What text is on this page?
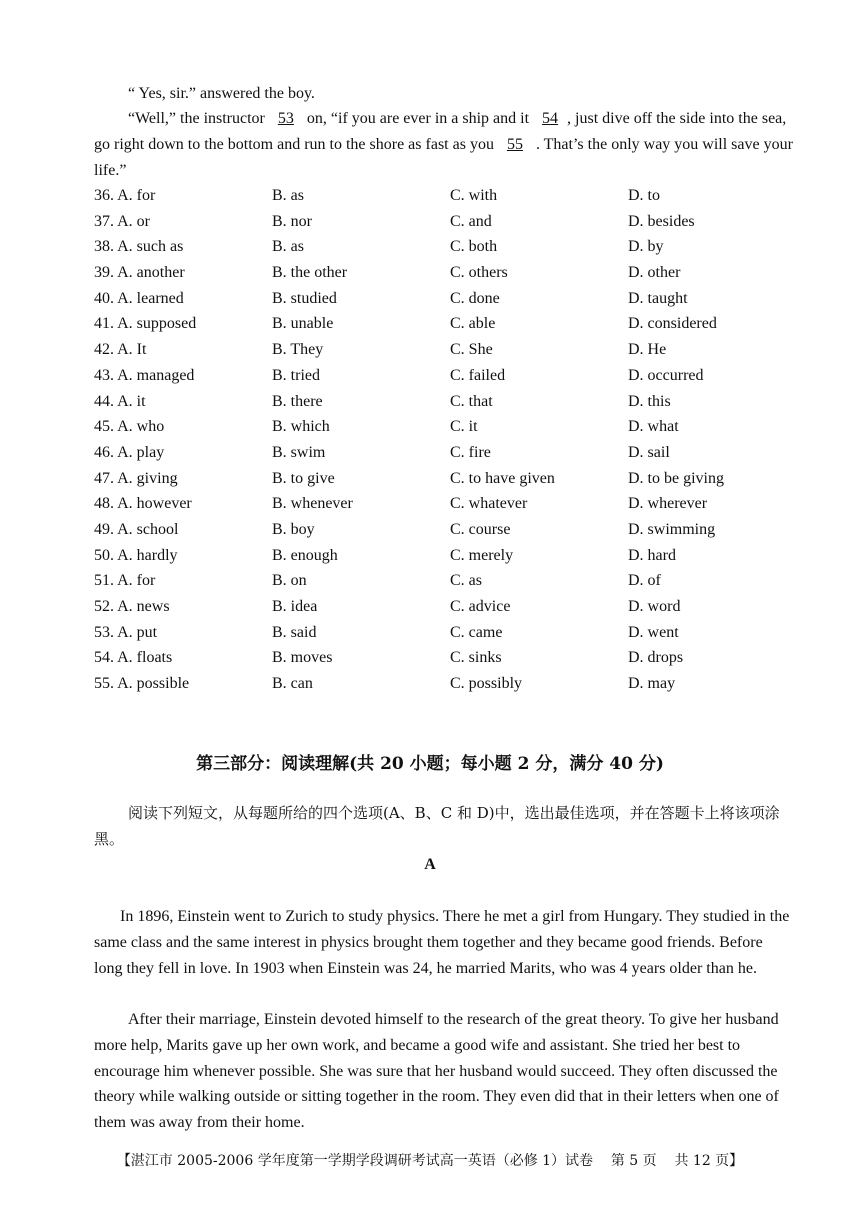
“ Yes, sir.” answered the boy.

“Well,” the instructor 53 on, “if you are ever in a ship and it 54 , just dive off the side into the sea, go right down to the bottom and run to the shore as fast as you 55 . That’s the only way you will save your life.”

36. A. for	B. as	C. with	D. to
37. A. or	B. nor	C. and	D. besides
38. A. such as	B. as	C. both	D. by
39. A. another	B. the other	C. others	D. other
40. A. learned	B. studied	C. done	D. taught
41. A. supposed	B. unable	C. able	D. considered
42. A. It	B. They	C. She	D. He
43. A. managed	B. tried	C. failed	D. occurred
44. A. it	B. there	C. that	D. this
45. A. who	B. which	C. it	D. what
46. A. play	B. swim	C. fire	D. sail
47. A. giving	B. to give	C. to have given	D. to be giving
48. A. however	B. whenever	C. whatever	D. wherever
49. A. school	B. boy	C. course	D. swimming
50. A. hardly	B. enough	C. merely	D. hard
51. A. for	B. on	C. as	D. of
52. A. news	B. idea	C. advice	D. word
53. A. put	B. said	C. came	D. went
54. A. floats	B. moves	C. sinks	D. drops
55. A. possible	B. can	C. possibly	D. may
第三部分：阅读理解(共 20 小题；每小题 2 分，满分 40 分)

阅读下列短文，从每题所给的四个选项(A、B、C 和 D)中，选出最佳选项，并在答题卡上将该项涂黑。

A

In 1896, Einstein went to Zurich to study physics. There he met a girl from Hungary. They studied in the same class and the same interest in physics brought them together and they became good friends. Before long they fell in love. In 1903 when Einstein was 24, he married Marits, who was 4 years older than he.

After their marriage, Einstein devoted himself to the research of the great theory. To give her husband more help, Marits gave up her own work, and became a good wife and assistant. She tried her best to encourage him whenever possible. She was sure that her husband would succeed. They often discussed the theory while walking outside or sitting together in the room. They even did that in their letters when one of them was away from their home.

【湛江市 2005-2006 学年度第一学期学段调研考试高一英语（必修 1）试卷    第 5 页    共 12 页】
